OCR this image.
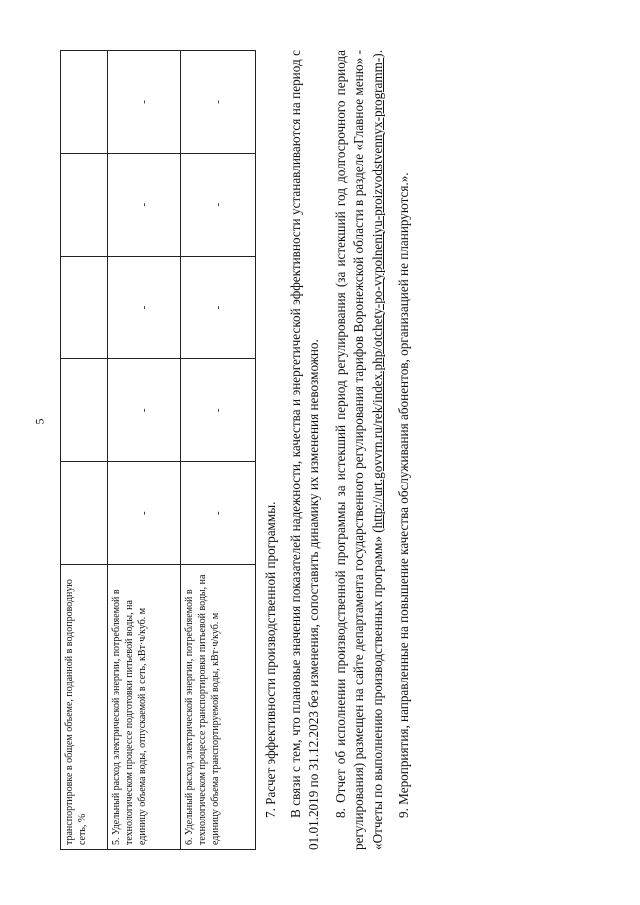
5
транспортировке в общем объеме, поданной в водопроводную сеть, %					
5. Удельный расход электрической энергии, потребляемой в технологическом процессе подготовки питьевой воды, на единицу объема воды, отпускаемой в сеть, кВт·ч/куб. м	-	-	-	-	-
6. Удельный расход электрической энергии, потребляемой в технологическом процессе транспортировки питьевой воды, на единицу объема транспортируемой воды, кВт·ч/куб. м	-	-	-	-	-

7. Расчет эффективности производственной программы. В связи с тем, что плановые значения показателей надежности, качества и энергетической эффективности устанавливаются на период с 01.01.2019 по 31.12.2023 без изменения, сопоставить динамику их изменения невозможно. 8. Отчет об исполнении производственной программы за истекший период регулирования (за истекший год долгосрочного периода регулирования) размещен на сайте департамента государственного регулирования тарифов Воронежской области в разделе «Главное меню» - «Отчеты по выполнению производственных программ» (http://urt.govvrn.ru/rek/index.php/otchety-po-vypolneniyu-proizvodstvennyx-programm-).

9. Мероприятия, направленные на повышение качества обслуживания абонентов, организацией не планируются.».
